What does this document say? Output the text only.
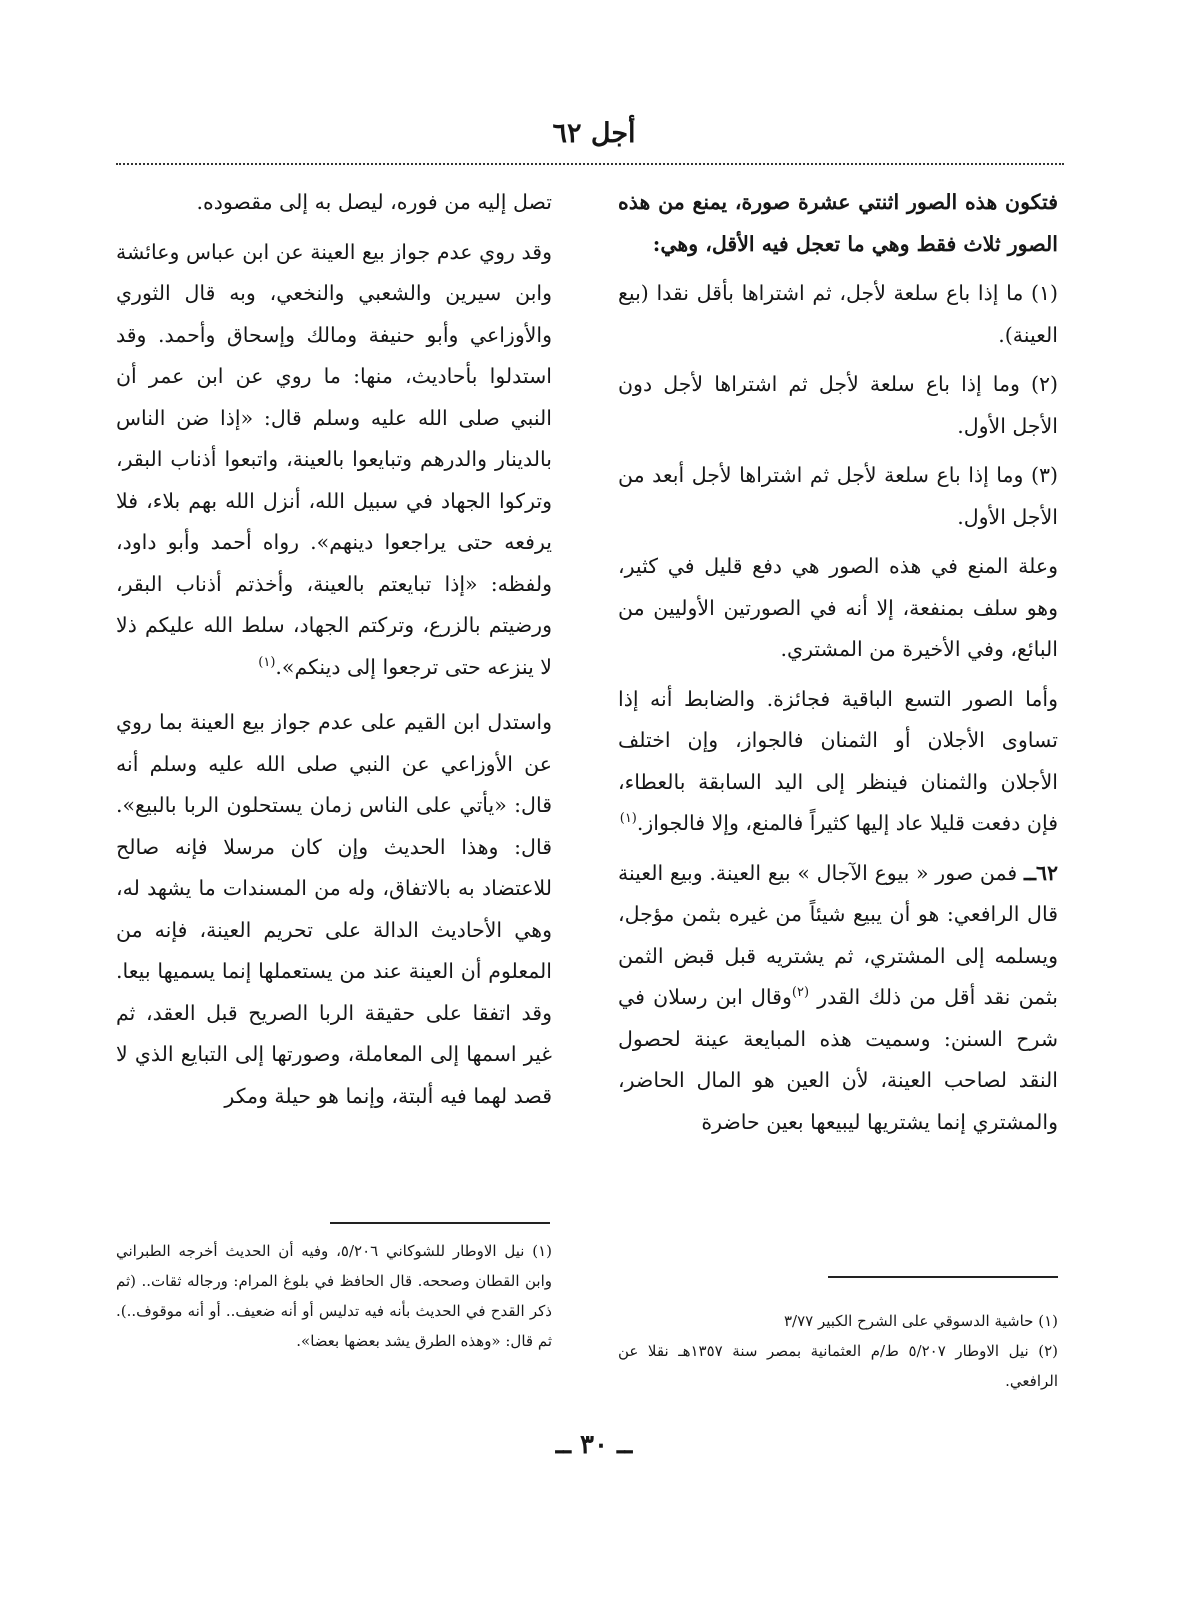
أجل ٦٢

فتكون هذه الصور اثنتي عشرة صورة، يمنع من هذه الصور ثلاث فقط وهي ما تعجل فيه الأقل، وهي:

(١) ما إذا باع سلعة لأجل، ثم اشتراها بأقل نقدا (بيع العينة).

(٢) وما إذا باع سلعة لأجل ثم اشتراها لأجل دون الأجل الأول.

(٣) وما إذا باع سلعة لأجل ثم اشتراها لأجل أبعد من الأجل الأول.

وعلة المنع في هذه الصور هي دفع قليل في كثير، وهو سلف بمنفعة، إلا أنه في الصورتين الأوليين من البائع، وفي الأخيرة من المشتري.

وأما الصور التسع الباقية فجائزة. والضابط أنه إذا تساوى الأجلان أو الثمنان فالجواز، وإن اختلف الأجلان والثمنان فينظر إلى اليد السابقة بالعطاء، فإن دفعت قليلا عاد إليها كثيراً فالمنع، وإلا فالجواز.$^{(١)}$

٦٢ــ فمن صور « بيوع الآجال » بيع العينة. وبيع العينة قال الرافعي: هو أن يبيع شيئاً من غيره بثمن مؤجل، ويسلمه إلى المشتري، ثم يشتريه قبل قبض الثمن بثمن نقد أقل من ذلك القدر $^{(٢)}$وقال ابن رسلان في شرح السنن: وسميت هذه المبايعة عينة لحصول النقد لصاحب العينة، لأن العين هو المال الحاضر، والمشتري إنما يشتريها ليبيعها بعين حاضرة

تصل إليه من فوره، ليصل به إلى مقصوده.

وقد روي عدم جواز بيع العينة عن ابن عباس وعائشة وابن سيرين والشعبي والنخعي، وبه قال الثوري والأوزاعي وأبو حنيفة ومالك وإسحاق وأحمد. وقد استدلوا بأحاديث، منها: ما روي عن ابن عمر أن النبي صلى الله عليه وسلم قال: «إذا ضن الناس بالدينار والدرهم وتبايعوا بالعينة، واتبعوا أذناب البقر، وتركوا الجهاد في سبيل الله، أنزل الله بهم بلاء، فلا يرفعه حتى يراجعوا دينهم». رواه أحمد وأبو داود، ولفظه: «إذا تبايعتم بالعينة، وأخذتم أذناب البقر، ورضيتم بالزرع، وتركتم الجهاد، سلط الله عليكم ذلا لا ينزعه حتى ترجعوا إلى دينكم».$^{(١)}$

واستدل ابن القيم على عدم جواز بيع العينة بما روي عن الأوزاعي عن النبي صلى الله عليه وسلم أنه قال: «يأتي على الناس زمان يستحلون الربا بالبيع». قال: وهذا الحديث وإن كان مرسلا فإنه صالح للاعتضاد به بالاتفاق، وله من المسندات ما يشهد له، وهي الأحاديث الدالة على تحريم العينة، فإنه من المعلوم أن العينة عند من يستعملها إنما يسميها بيعا. وقد اتفقا على حقيقة الربا الصريح قبل العقد، ثم غير اسمها إلى المعاملة، وصورتها إلى التبايع الذي لا قصد لهما فيه ألبتة، وإنما هو حيلة ومكر

(١) نيل الاوطار للشوكاني ٥/٢٠٦، وفيه أن الحديث أخرجه الطبراني وابن القطان وصححه. قال الحافظ في بلوغ المرام: ورجاله ثقات.. (ثم ذكر القدح في الحديث بأنه فيه تدليس أو أنه ضعيف.. أو أنه موقوف..). ثم قال: «وهذه الطرق يشد بعضها بعضا».

(١) حاشية الدسوقي على الشرح الكبير ٣/٧٧

(٢) نيل الاوطار ٥/٢٠٧ ط/م العثمانية بمصر سنة ١٣٥٧هـ نقلا عن الرافعي.

ــ ٣٠ ــ
